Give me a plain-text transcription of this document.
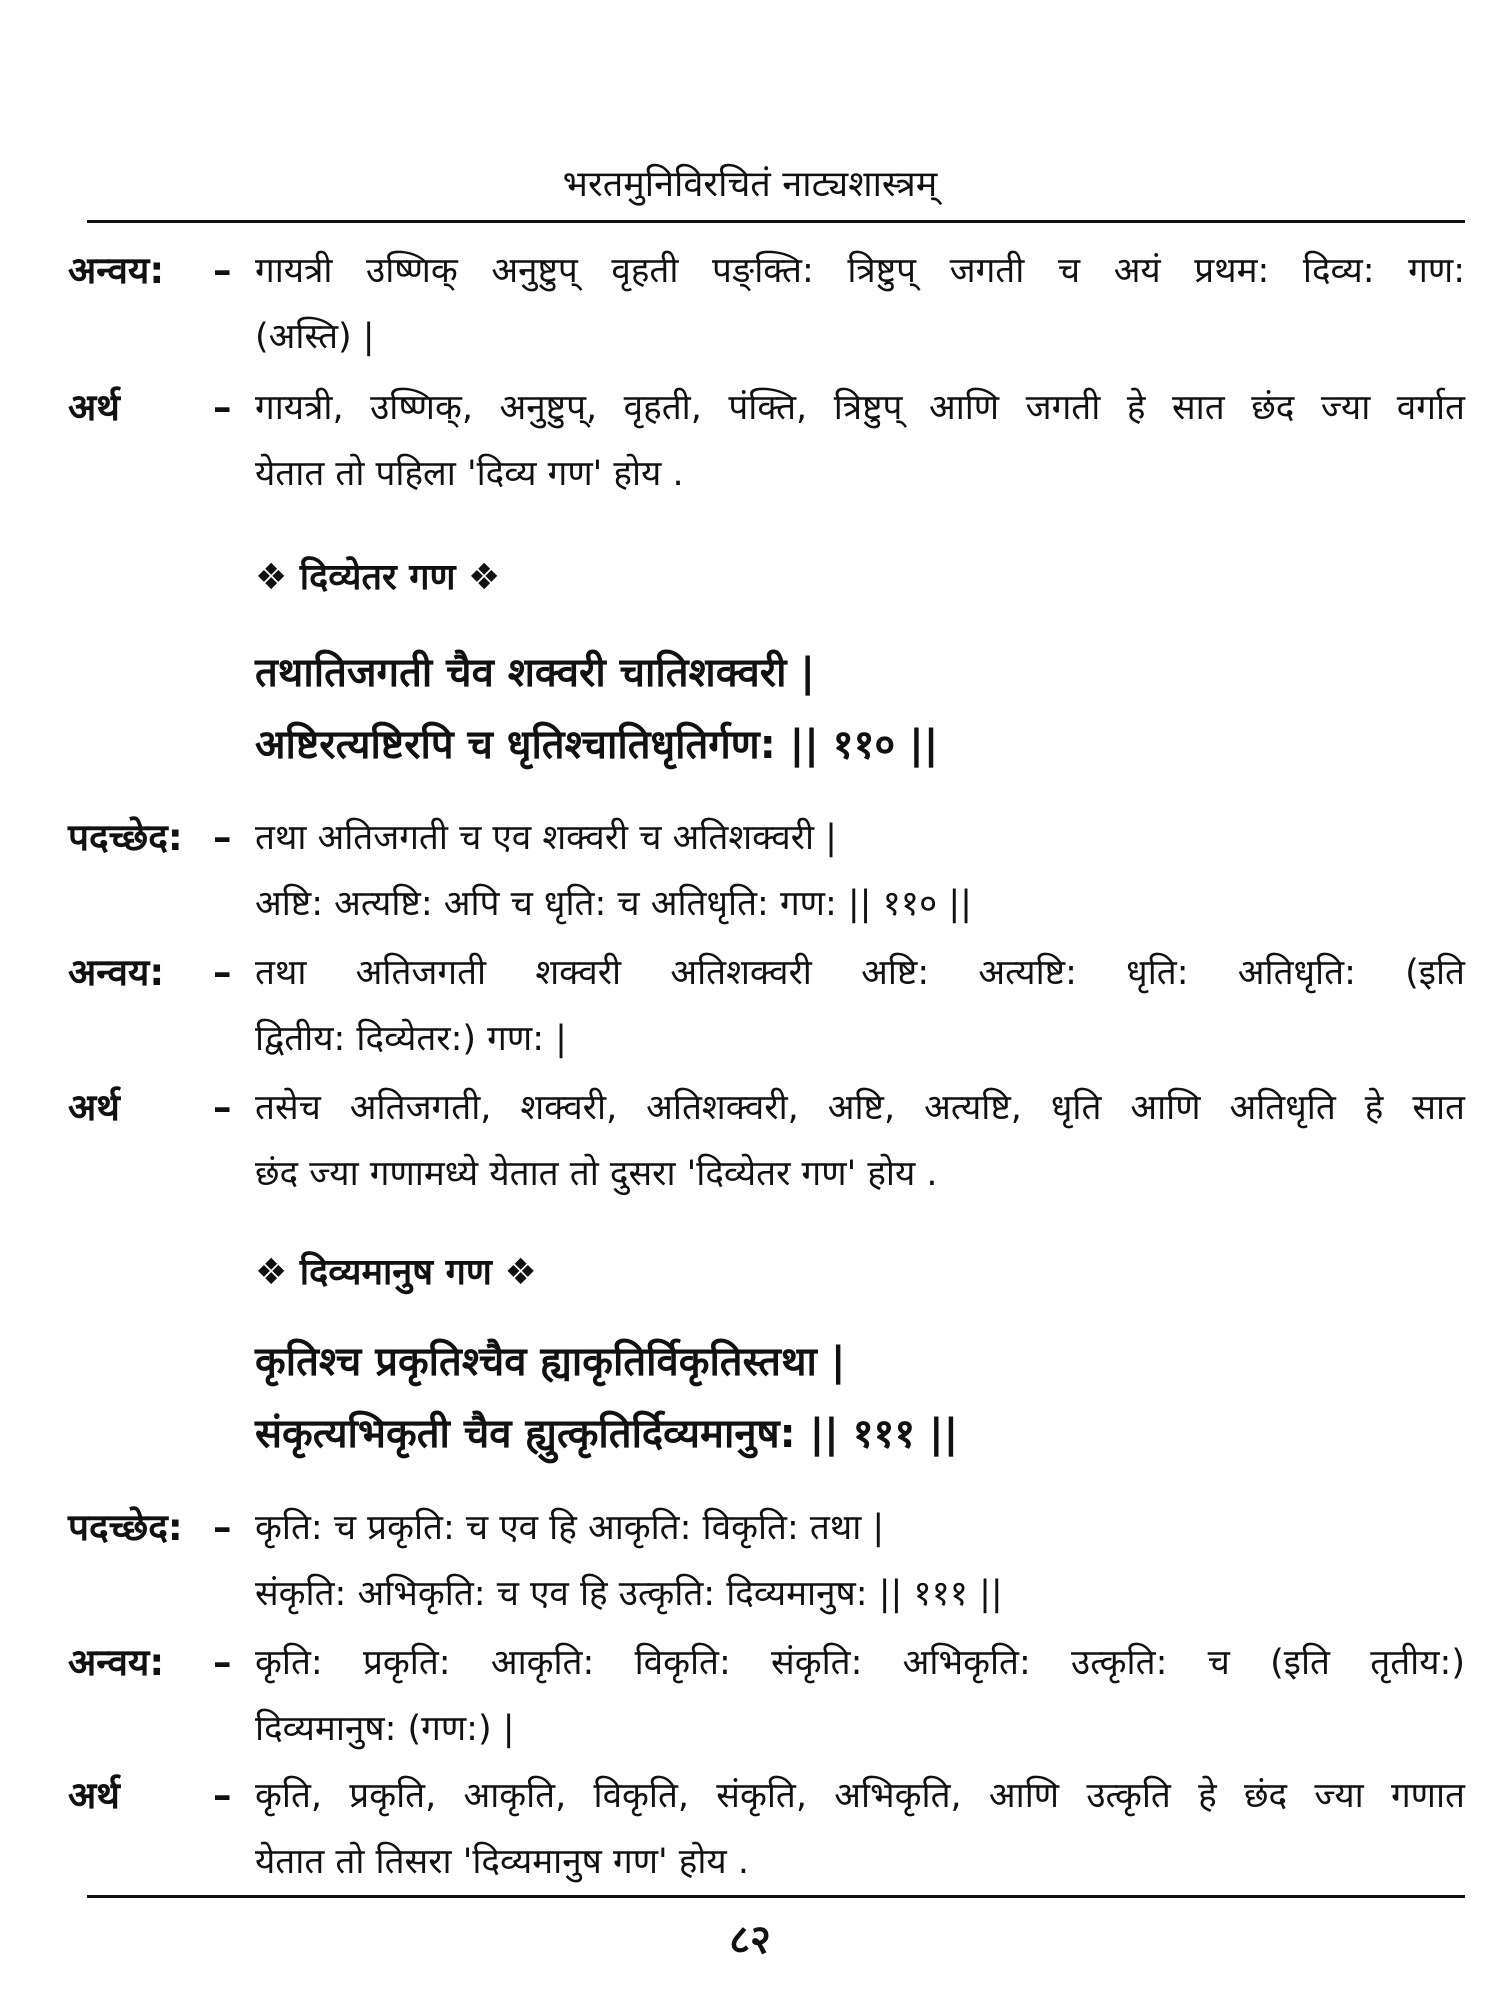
भरतमुनिविरचितं नाट्यशास्त्रम्
अन्वय: – गायत्री उष्णिक् अनुष्टुप् वृहती पङ्क्ति: त्रिष्टुप् जगती च अयं प्रथम: दिव्य: गण:
(अस्ति) |
अर्थ	– गायत्री, उष्णिक्, अनुष्टुप्, वृहती, पंक्ति, त्रिष्टुप् आणि जगती हे सात छंद ज्या वर्गात
येतात तो पहिला 'दिव्य गण' होय .
❖ दिव्येतर गण ❖
तथातिजगती चैव शक्वरी चातिशक्वरी |
अष्टिरत्यष्टिरपि च धृतिश्चातिधृतिर्गण: || ११० ||
पदच्छेद: – तथा अतिजगती च एव शक्वरी च अतिशक्वरी |
अष्टि: अत्यष्टि: अपि च धृति: च अतिधृति: गण: || ११० ||
अन्वय: – तथा अतिजगती शक्वरी अतिशक्वरी अष्टि: अत्यष्टि: धृति: अतिधृति: (इति
द्वितीय: दिव्येतर:) गण: |
अर्थ	– तसेच अतिजगती, शक्वरी, अतिशक्वरी, अष्टि, अत्यष्टि, धृति आणि अतिधृति हे सात
छंद ज्या गणामध्ये येतात तो दुसरा 'दिव्येतर गण' होय .
❖ दिव्यमानुष गण ❖
कृतिश्च प्रकृतिश्चैव ह्याकृतिर्विकृतिस्तथा |
संकृत्यभिकृती चैव ह्युत्कृतिर्दिव्यमानुष: || १११ ||
पदच्छेद: – कृति: च प्रकृति: च एव हि आकृति: विकृति: तथा |
संकृति: अभिकृति: च एव हि उत्कृति: दिव्यमानुष: || १११ ||
अन्वय: – कृति: प्रकृति: आकृति: विकृति: संकृति: अभिकृति: उत्कृति: च (इति तृतीय:)
दिव्यमानुष: (गण:) |
अर्थ	– कृति, प्रकृति, आकृति, विकृति, संकृति, अभिकृति, आणि उत्कृति हे छंद ज्या गणात
येतात तो तिसरा 'दिव्यमानुष गण' होय .
८२
